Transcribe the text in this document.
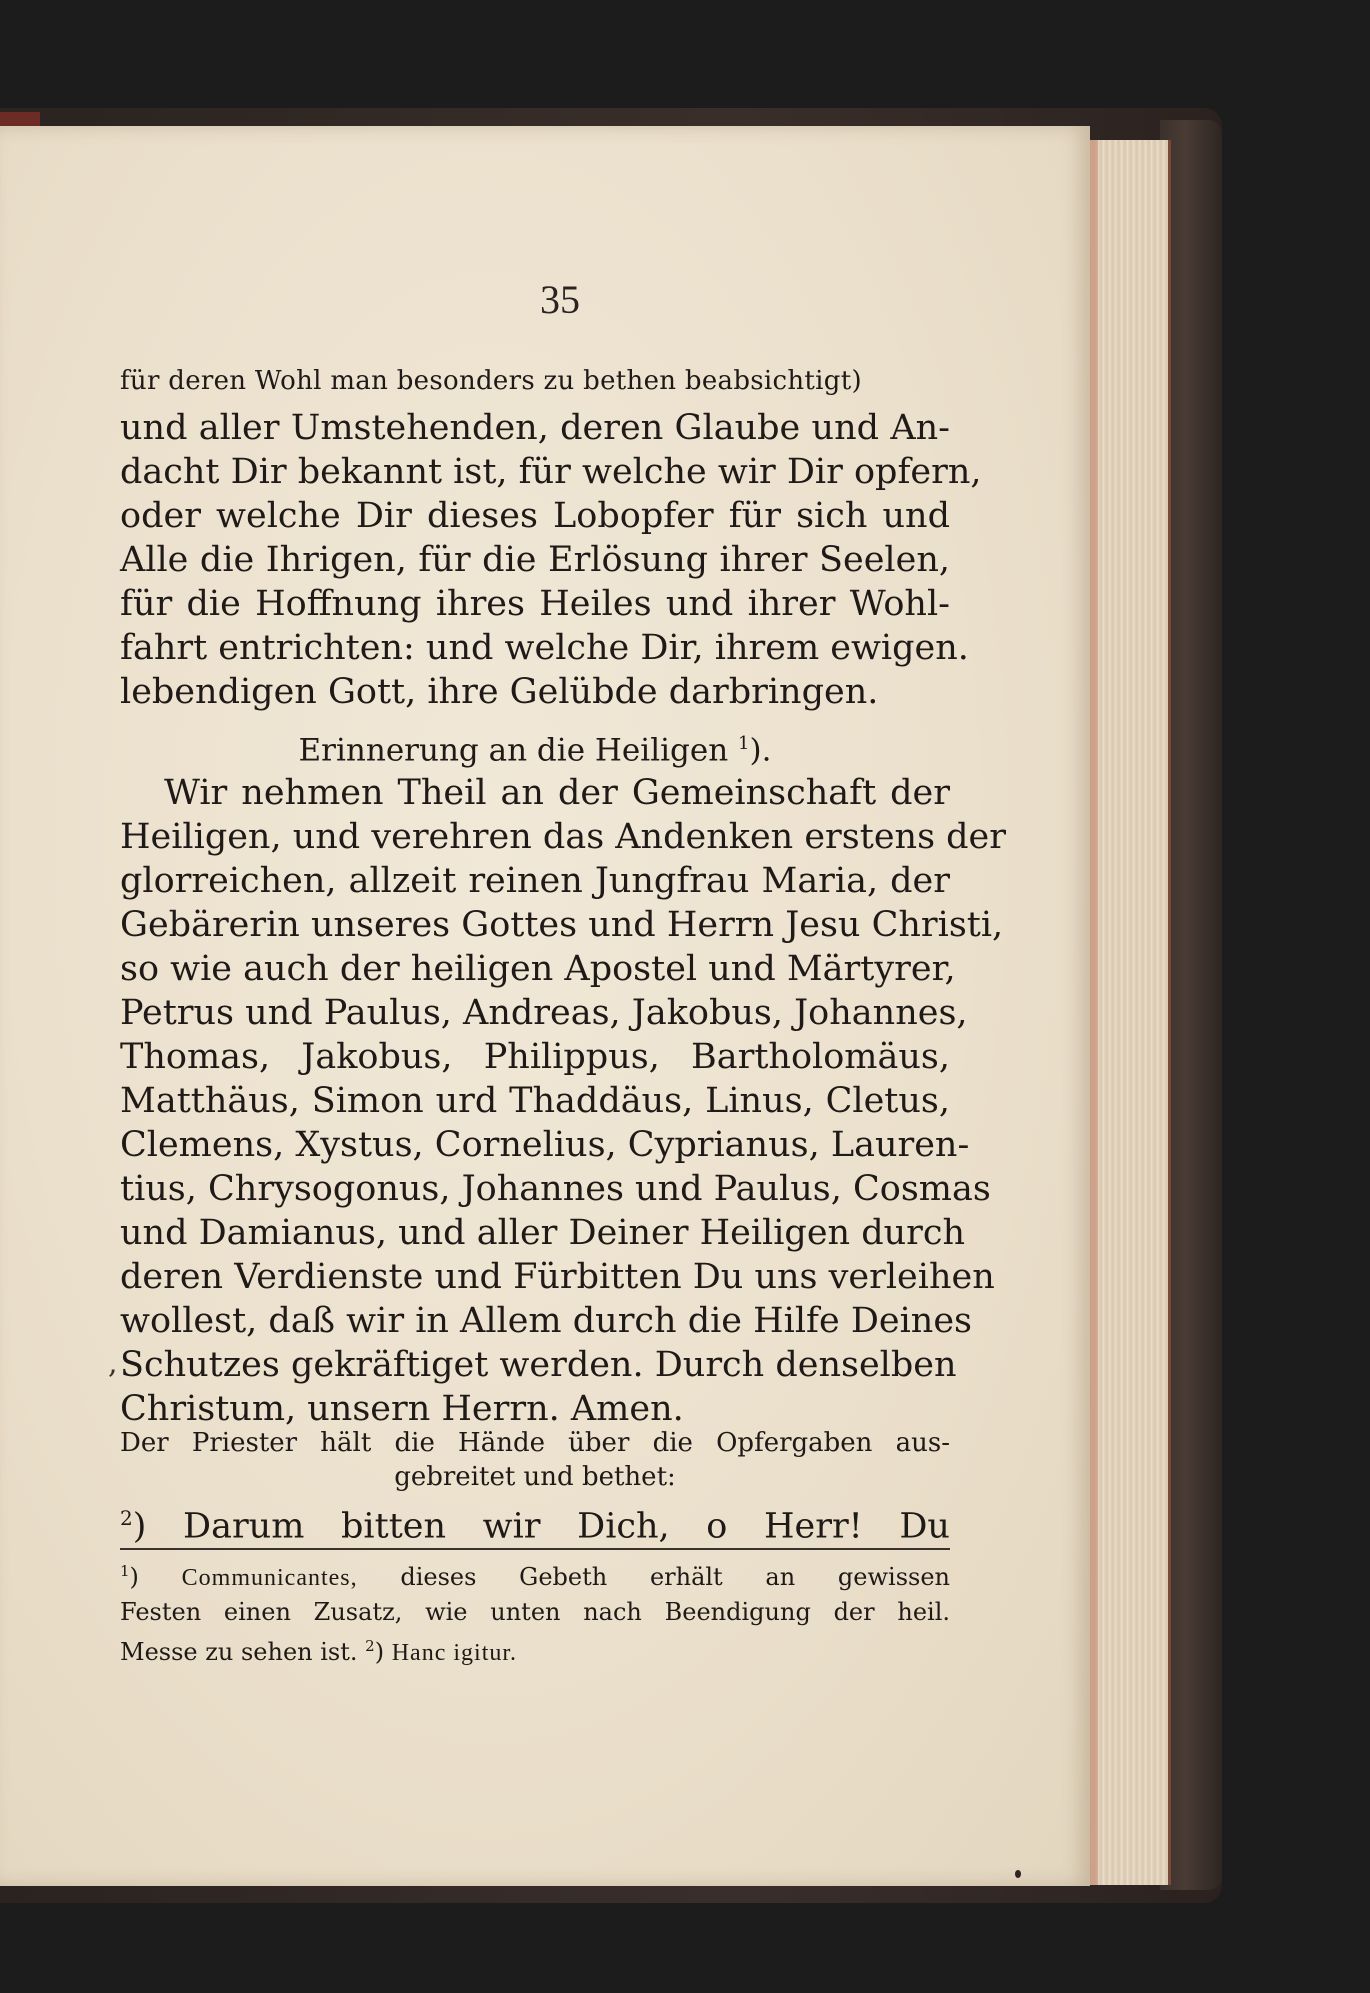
35
für deren Wohl man besonders zu bethen beabsichtigt)
und aller Umstehenden, deren Glaube und An-
dacht Dir bekannt ist, für welche wir Dir opfern,
oder welche Dir dieses Lobopfer für sich und
Alle die Ihrigen, für die Erlösung ihrer Seelen,
für die Hoffnung ihres Heiles und ihrer Wohl-
fahrt entrichten: und welche Dir, ihrem ewigen.
lebendigen Gott, ihre Gelübde darbringen.
Erinnerung an die Heiligen $^1$).
Wir nehmen Theil an der Gemeinschaft der
Heiligen, und verehren das Andenken erstens der
glorreichen, allzeit reinen Jungfrau Maria, der
Gebärerin unseres Gottes und Herrn Jesu Christi,
so wie auch der heiligen Apostel und Märtyrer,
Petrus und Paulus, Andreas, Jakobus, Johannes,
Thomas, Jakobus, Philippus, Bartholomäus,
Matthäus, Simon urd Thaddäus, Linus, Cletus,
Clemens, Xystus, Cornelius, Cyprianus, Lauren-
tius, Chrysogonus, Johannes und Paulus, Cosmas
und Damianus, und aller Deiner Heiligen durch
deren Verdienste und Fürbitten Du uns verleihen
wollest, daß wir in Allem durch die Hilfe Deines
Schutzes gekräftiget werden. Durch denselben
Christum, unsern Herrn. Amen.
Der Priester hält die Hände über die Opfergaben aus-
gebreitet und bethet:
$^2$) Darum bitten wir Dich, o Herr! Du
$^1$) Communicantes, dieses Gebeth erhält an gewissen
Festen einen Zusatz, wie unten nach Beendigung der heil.
Messe zu sehen ist. $^2$) Hanc igitur.
,
